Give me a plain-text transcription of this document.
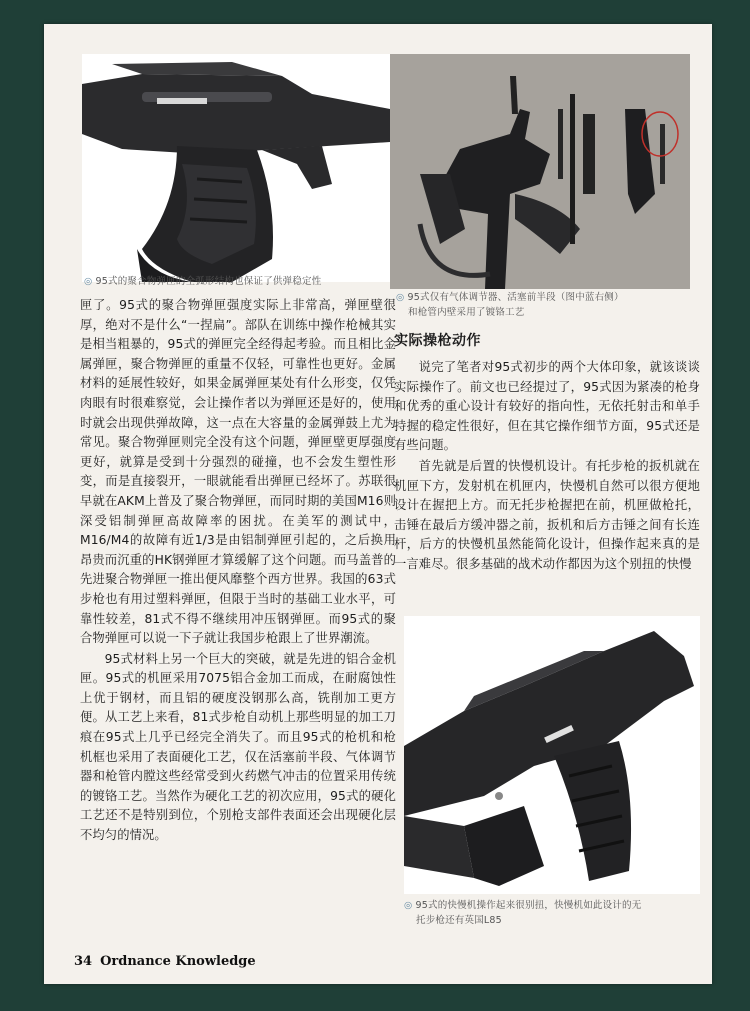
◎ 95式的聚合物弹匣的全弧形结构也保证了供弹稳定性

匣了。95式的聚合物弹匣强度实际上非常高，弹匣壁很厚，绝对不是什么“一捏扁”。部队在训练中操作枪械其实是相当粗暴的，95式的弹匣完全经得起考验。而且相比金属弹匣，聚合物弹匣的重量不仅轻，可靠性也更好。金属材料的延展性较好，如果金属弹匣某处有什么形变，仅凭肉眼有时很难察觉，会让操作者以为弹匣还是好的，使用时就会出现供弹故障，这一点在大容量的金属弹鼓上尤为常见。聚合物弹匣则完全没有这个问题，弹匣壁更厚强度更好，就算是受到十分强烈的碰撞，也不会发生塑性形变，而是直接裂开，一眼就能看出弹匣已经坏了。苏联很早就在AKM上普及了聚合物弹匣，而同时期的美国M16则深受铝制弹匣高故障率的困扰。在美军的测试中，M16/M4的故障有近1/3是由铝制弹匣引起的，之后换用昂贵而沉重的HK钢弹匣才算缓解了这个问题。而马盖普的先进聚合物弹匣一推出便风靡整个西方世界。我国的63式步枪也有用过塑料弹匣，但限于当时的基础工业水平，可靠性较差，81式不得不继续用冲压钢弹匣。而95式的聚合物弹匣可以说一下子就让我国步枪跟上了世界潮流。

95式材料上另一个巨大的突破，就是先进的铝合金机匣。95式的机匣采用7075铝合金加工而成，在耐腐蚀性上优于钢材，而且铝的硬度没钢那么高，铣削加工更方便。从工艺上来看，81式步枪自动机上那些明显的加工刀痕在95式上几乎已经完全消失了。而且95式的枪机和枪机框也采用了表面硬化工艺，仅在活塞前半段、气体调节器和枪管内膛这些经常受到火药燃气冲击的位置采用传统的镀铬工艺。当然作为硬化工艺的初次应用，95式的硬化工艺还不是特别到位，个别枪支部件表面还会出现硬化层不均匀的情况。

◎ 95式仅有气体调节器、活塞前半段（图中蓝右侧）
和枪管内壁采用了镀铬工艺
实际操枪动作

说完了笔者对95式初步的两个大体印象，就该谈谈实际操作了。前文也已经提过了，95式因为紧凑的枪身和优秀的重心设计有较好的指向性，无依托射击和单手持握的稳定性很好，但在其它操作细节方面，95式还是有些问题。

首先就是后置的快慢机设计。有托步枪的扳机就在机匣下方，发射机在机匣内，快慢机自然可以很方便地设计在握把上方。而无托步枪握把在前，机匣做枪托，击锤在最后方缓冲器之前，扳机和后方击锤之间有长连杆，后方的快慢机虽然能简化设计，但操作起来真的是一言难尽。很多基础的战术动作都因为这个别扭的快慢

◎ 95式的快慢机操作起来很别扭，快慢机如此设计的无
托步枪还有英国L85
34 Ordnance Knowledge
